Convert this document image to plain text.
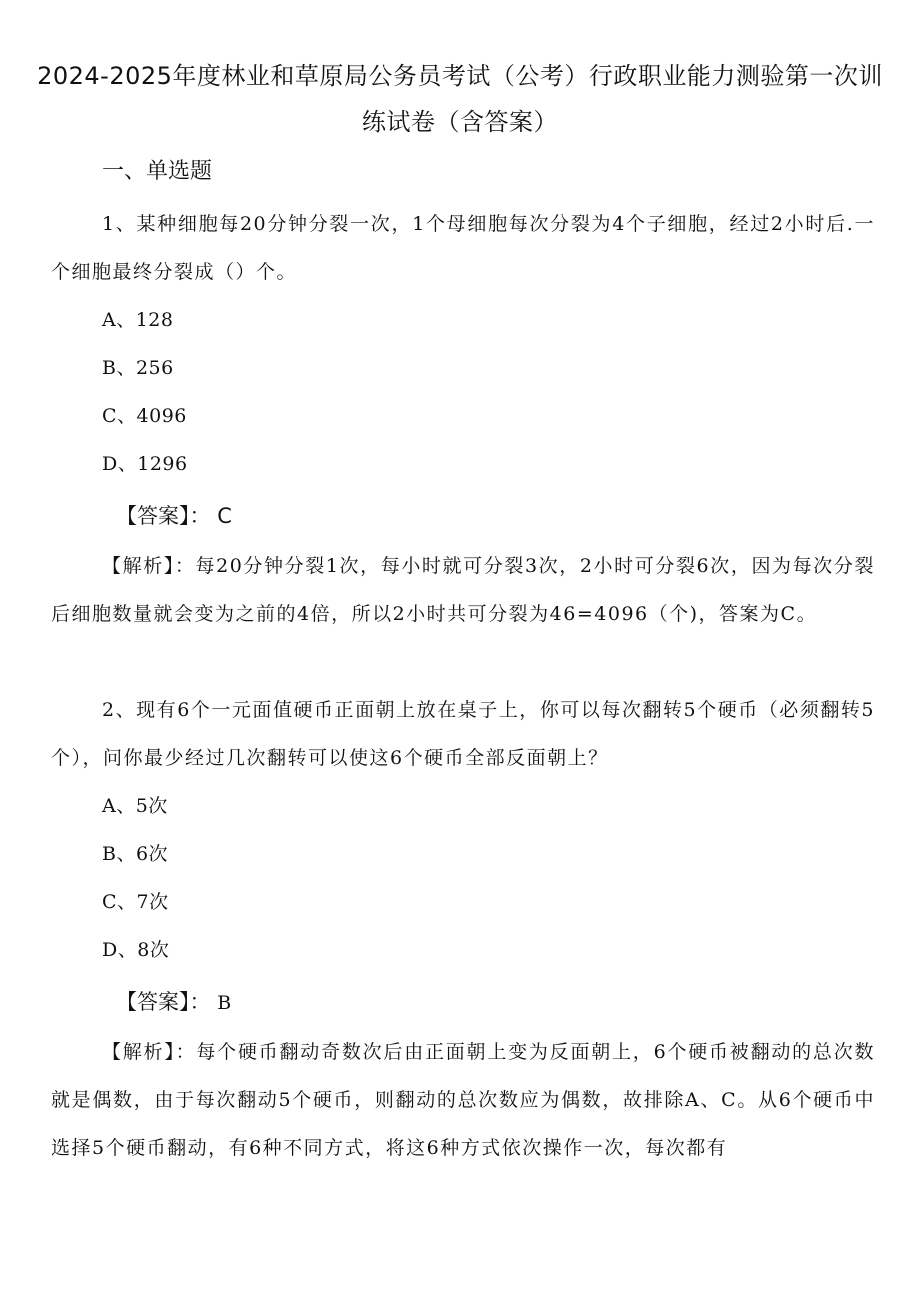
2024-2025年度林业和草原局公务员考试（公考）行政职业能力测验第一次训
练试卷（含答案）
一、单选题

1、某种细胞每20分钟分裂一次，1个母细胞每次分裂为4个子细胞，经过2小时后.一个细胞最终分裂成（）个。

A、128
B、256
C、4096
D、1296
【答案】： C

【解析】：每20分钟分裂1次，每小时就可分裂3次，2小时可分裂6次，因为每次分裂后细胞数量就会变为之前的4倍，所以2小时共可分裂为46=4096（个)，答案为C。

2、现有6个一元面值硬币正面朝上放在桌子上，你可以每次翻转5个硬币（必须翻转5个），问你最少经过几次翻转可以使这6个硬币全部反面朝上？

A、5次
B、6次
C、7次
D、8次
【答案】： B

【解析】：每个硬币翻动奇数次后由正面朝上变为反面朝上，6个硬币被翻动的总次数就是偶数，由于每次翻动5个硬币，则翻动的总次数应为偶数，故排除A、C。从6个硬币中选择5个硬币翻动，有6种不同方式，将这6种方式依次操作一次，每次都有
